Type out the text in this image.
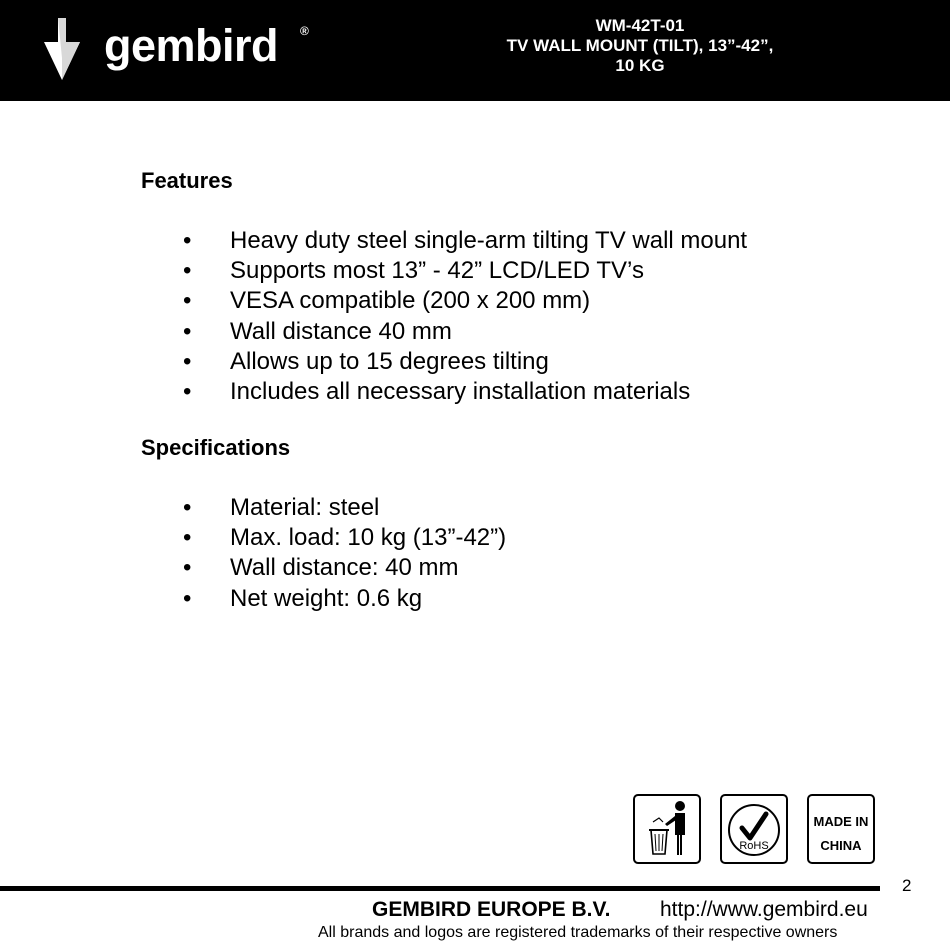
gembird ®	WM-42T-01
TV WALL MOUNT (TILT), 13”-42”,
10 KG
Features
• Heavy duty steel single-arm tilting TV wall mount
• Supports most 13” - 42” LCD/LED TV’s
• VESA compatible (200 x 200 mm)
• Wall distance 40 mm
• Allows up to 15 degrees tilting
• Includes all necessary installation materials
Specifications
• Material: steel
• Max. load: 10 kg (13”-42”)
• Wall distance: 40 mm
• Net weight: 0.6 kg
RoHS
MADE IN
CHINA
2
GEMBIRD EUROPE B.V. http://www.gembird.eu
All brands and logos are registered trademarks of their respective owners
